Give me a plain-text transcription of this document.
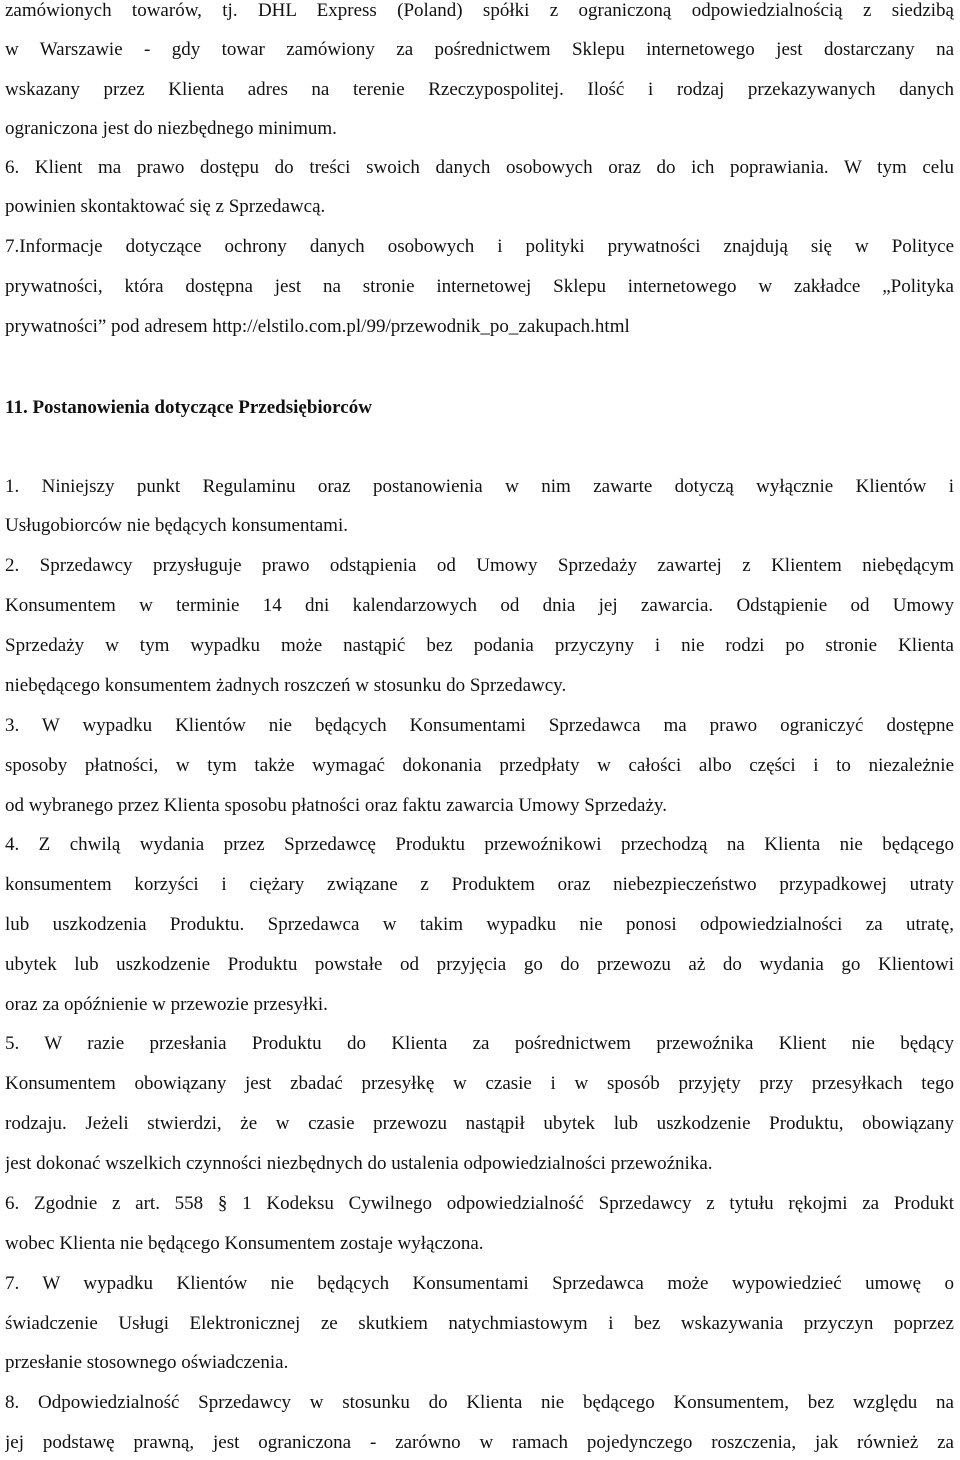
zamówionych towarów, tj. DHL Express (Poland) spółki z ograniczoną odpowiedzialnością z siedzibą
w Warszawie - gdy towar zamówiony za pośrednictwem Sklepu internetowego jest dostarczany na
wskazany przez Klienta adres na terenie Rzeczypospolitej. Ilość i rodzaj przekazywanych danych
ograniczona jest do niezbędnego minimum.
6. Klient ma prawo dostępu do treści swoich danych osobowych oraz do ich poprawiania. W tym celu
powinien skontaktować się z Sprzedawcą.
7.Informacje dotyczące ochrony danych osobowych i polityki prywatności znajdują się w Polityce
prywatności, która dostępna jest na stronie internetowej Sklepu internetowego w zakładce „Polityka
prywatności” pod adresem http://elstilo.com.pl/99/przewodnik_po_zakupach.html
11. Postanowienia dotyczące Przedsiębiorców
1. Niniejszy punkt Regulaminu oraz postanowienia w nim zawarte dotyczą wyłącznie Klientów i
Usługobiorców nie będących konsumentami.
2. Sprzedawcy przysługuje prawo odstąpienia od Umowy Sprzedaży zawartej z Klientem niebędącym
Konsumentem w terminie 14 dni kalendarzowych od dnia jej zawarcia. Odstąpienie od Umowy
Sprzedaży w tym wypadku może nastąpić bez podania przyczyny i nie rodzi po stronie Klienta
niebędącego konsumentem żadnych roszczeń w stosunku do Sprzedawcy.
3. W wypadku Klientów nie będących Konsumentami Sprzedawca ma prawo ograniczyć dostępne
sposoby płatności, w tym także wymagać dokonania przedpłaty w całości albo części i to niezależnie
od wybranego przez Klienta sposobu płatności oraz faktu zawarcia Umowy Sprzedaży.
4. Z chwilą wydania przez Sprzedawcę Produktu przewoźnikowi przechodzą na Klienta nie będącego
konsumentem korzyści i ciężary związane z Produktem oraz niebezpieczeństwo przypadkowej utraty
lub uszkodzenia Produktu. Sprzedawca w takim wypadku nie ponosi odpowiedzialności za utratę,
ubytek lub uszkodzenie Produktu powstałe od przyjęcia go do przewozu aż do wydania go Klientowi
oraz za opóźnienie w przewozie przesyłki.
5. W razie przesłania Produktu do Klienta za pośrednictwem przewoźnika Klient nie będący
Konsumentem obowiązany jest zbadać przesyłkę w czasie i w sposób przyjęty przy przesyłkach tego
rodzaju. Jeżeli stwierdzi, że w czasie przewozu nastąpił ubytek lub uszkodzenie Produktu, obowiązany
jest dokonać wszelkich czynności niezbędnych do ustalenia odpowiedzialności przewoźnika.
6. Zgodnie z art. 558 § 1 Kodeksu Cywilnego odpowiedzialność Sprzedawcy z tytułu rękojmi za Produkt
wobec Klienta nie będącego Konsumentem zostaje wyłączona.
7. W wypadku Klientów nie będących Konsumentami Sprzedawca może wypowiedzieć umowę o
świadczenie Usługi Elektronicznej ze skutkiem natychmiastowym i bez wskazywania przyczyn poprzez
przesłanie stosownego oświadczenia.
8. Odpowiedzialność Sprzedawcy w stosunku do Klienta nie będącego Konsumentem, bez względu na
jej podstawę prawną, jest ograniczona - zarówno w ramach pojedynczego roszczenia, jak również za
